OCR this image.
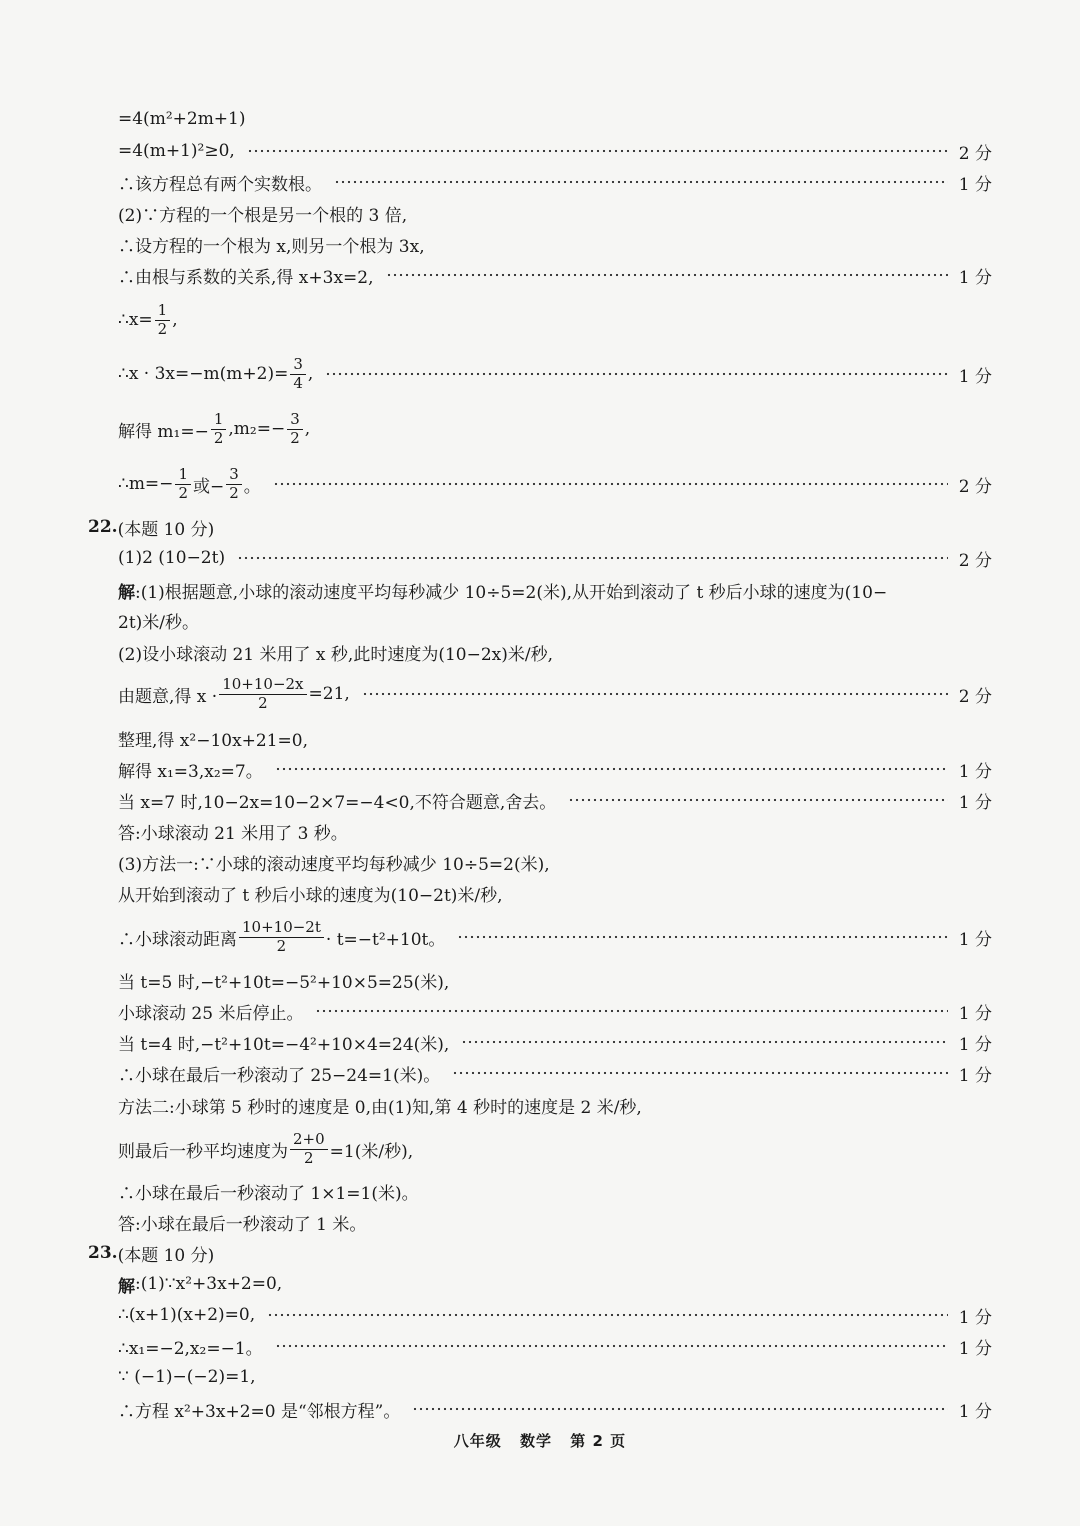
=4(m²+2m+1)
=4(m+1)²≥0,	2 分
∴该方程总有两个实数根。	1 分
(2)∵方程的一个根是另一个根的 3 倍,
∴设方程的一个根为 x,则另一个根为 3x,
∴由根与系数的关系,得 x+3x=2,	1 分
∴x= $\frac{1}{2}$ ,
∴x · $3x=-m(m+2)= \frac{3}{4}$ ,	1 分
解得 $m_1=- \frac{1}{2} ,m_2=- \frac{3}{2}$ ,
∴m=− $\frac{1}{2}$ 或− $\frac{3}{2}$ 。	2 分
22. (本题 10 分)
(1)2 (10−2t)	2 分
解 :(1)根据题意,小球的滚动速度平均每秒减少 10÷5=2(米),从开始到滚动了 t 秒后小球的速度为(10−
2t)米/秒。
(2)设小球滚动 21 米用了 x 秒,此时速度为(10−2x)米/秒,
由题意,得 $x \cdot \frac{10+10-2x}{2} =21$,	2 分
整理,得 x²−10x+21=0,
解得 x₁=3,x₂=7。	1 分
当 x=7 时,10−2x=10−2×7=−4<0,不符合题意,舍去。	1 分
答:小球滚动 21 米用了 3 秒。
(3)方法一:∵小球的滚动速度平均每秒减少 10÷5=2(米),
从开始到滚动了 t 秒后小球的速度为(10−2t)米/秒,
∴小球滚动距离 $\frac{10+10-2t}{2} \cdot t=-t^2+10t$。	1 分
当 t=5 时,−t²+10t=−5²+10×5=25(米),
小球滚动 25 米后停止。	1 分
当 t=4 时,−t²+10t=−4²+10×4=24(米),	1 分
∴小球在最后一秒滚动了 25−24=1(米)。	1 分
方法二:小球第 5 秒时的速度是 0,由(1)知,第 4 秒时的速度是 2 米/秒,
则最后一秒平均速度为 $\frac{2+0}{2} =1$(米/秒),
∴小球在最后一秒滚动了 1×1=1(米)。
答:小球在最后一秒滚动了 1 米。
23. (本题 10 分)
解 :(1)∵x²+3x+2=0,
∴(x+1)(x+2)=0,	1 分
∴x₁=−2,x₂=−1。	1 分
∵ (−1)−(−2)=1,
∴方程 x²+3x+2=0 是“邻根方程”。	1 分
八年级 数学 第 2 页
